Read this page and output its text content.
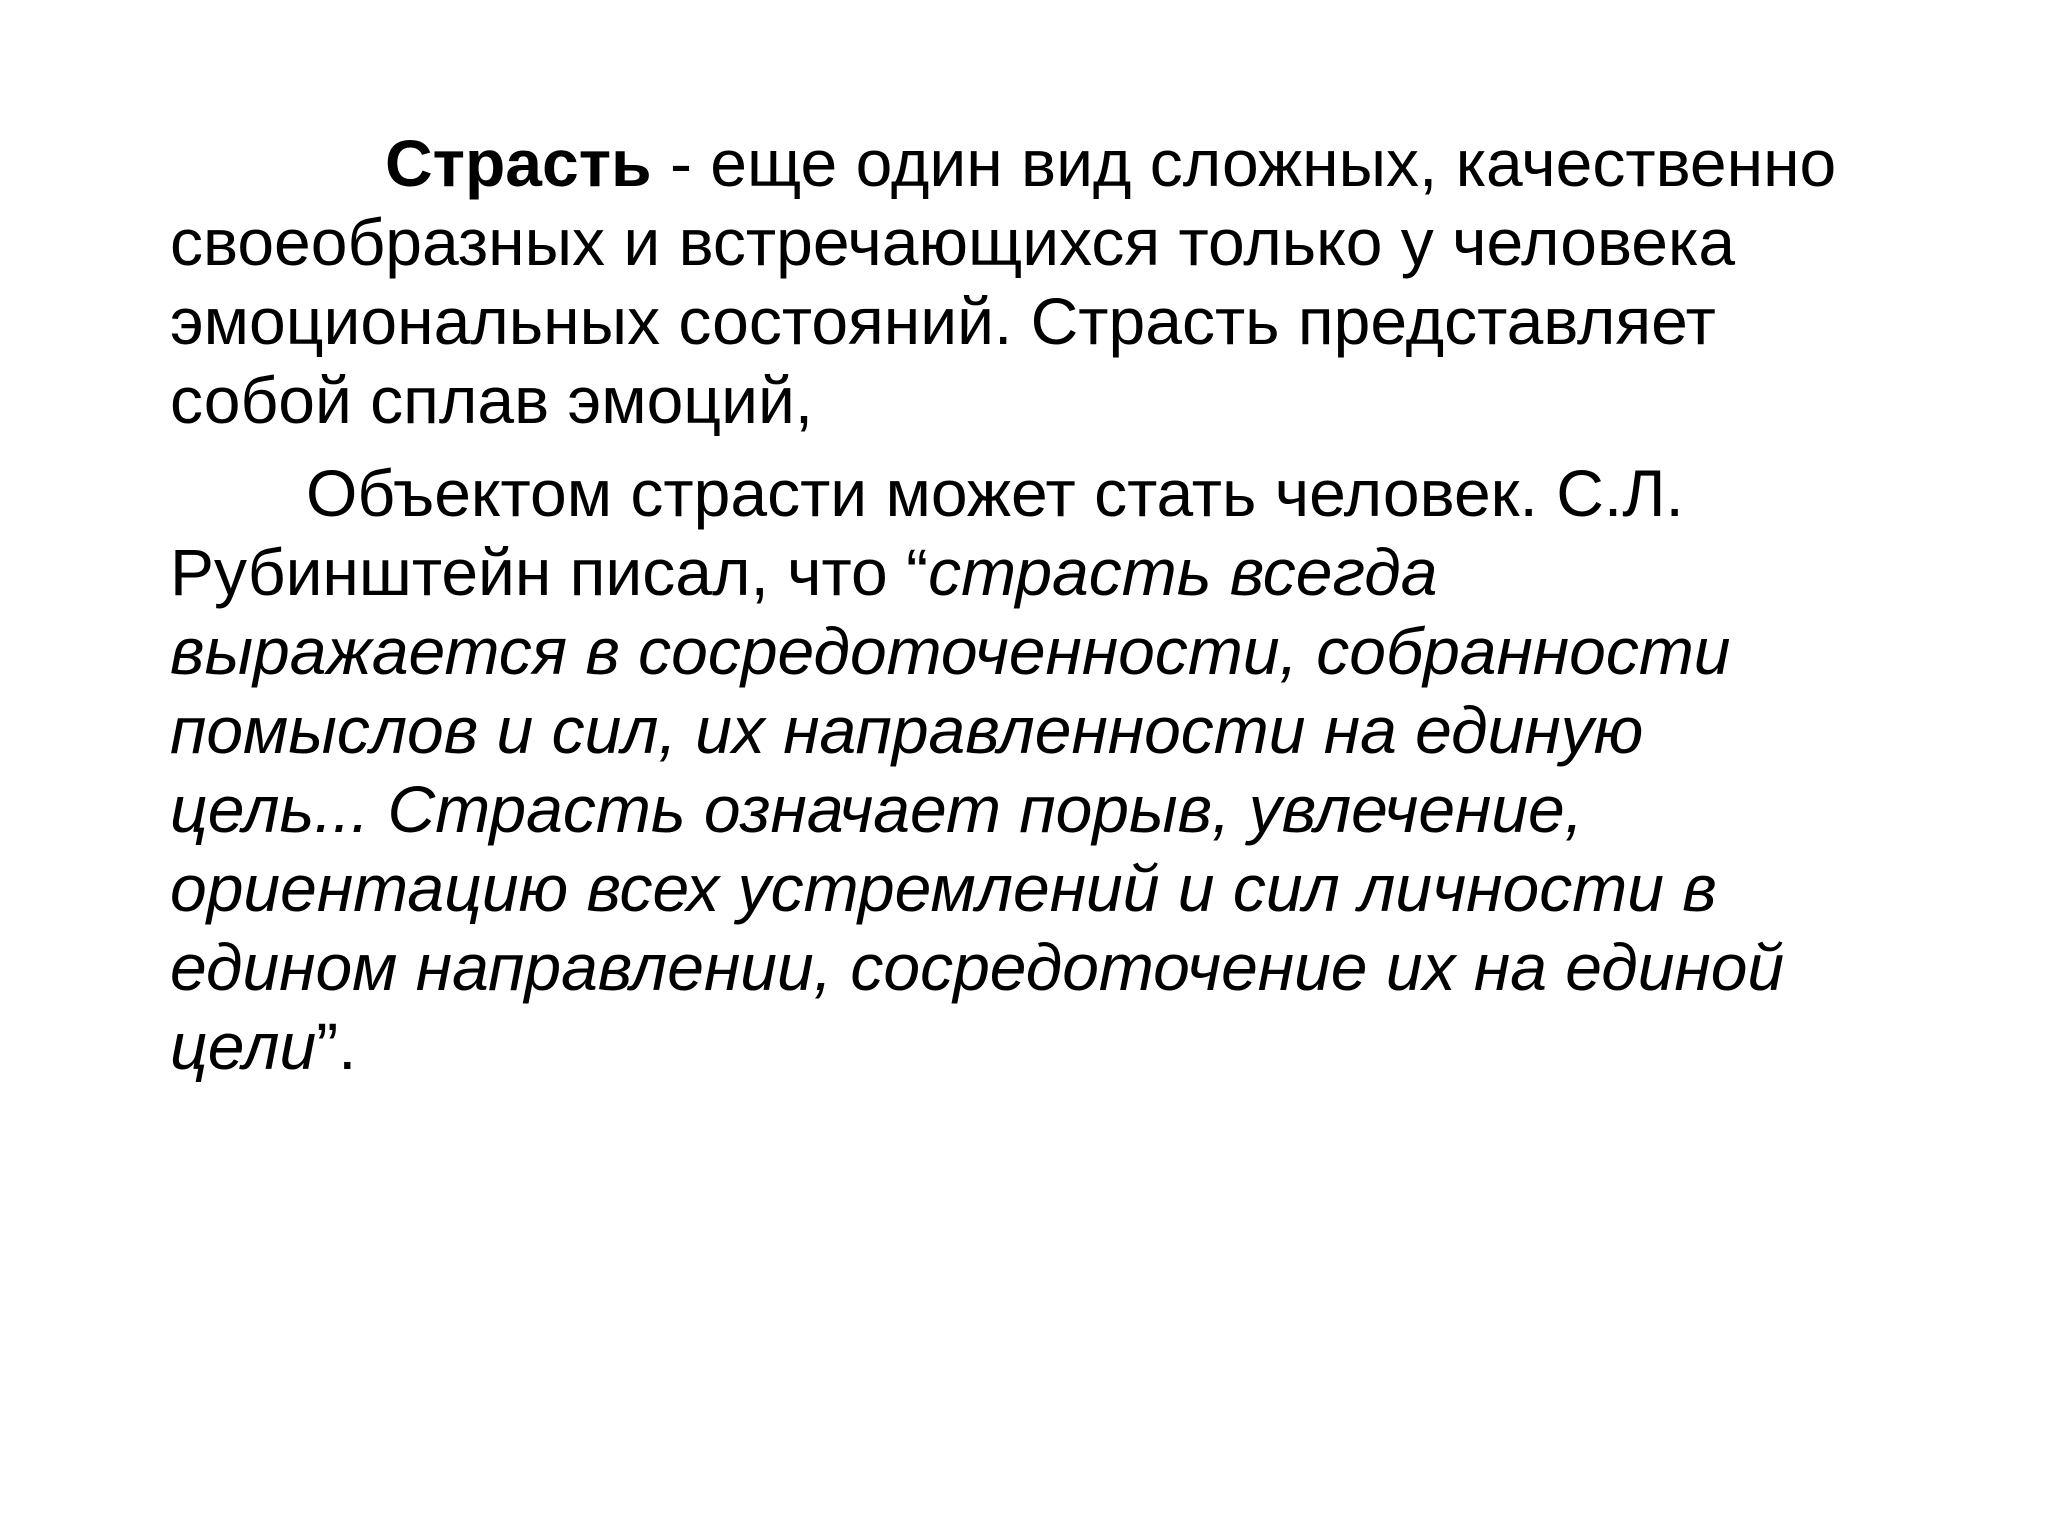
Страсть - еще один вид сложных, качественно
своеобразных и встречающихся только у человека
эмоциональных состояний. Страсть представляет
собой сплав эмоций,
Объектом страсти может стать человек. С.Л.
Рубинштейн писал, что “страсть всегда
выражается в сосредоточенности, собранности
помыслов и сил, их направленности на единую
цель... Страсть означает порыв, увлечение,
ориентацию всех устремлений и сил личности в
едином направлении, сосредоточение их на единой
цели”.
